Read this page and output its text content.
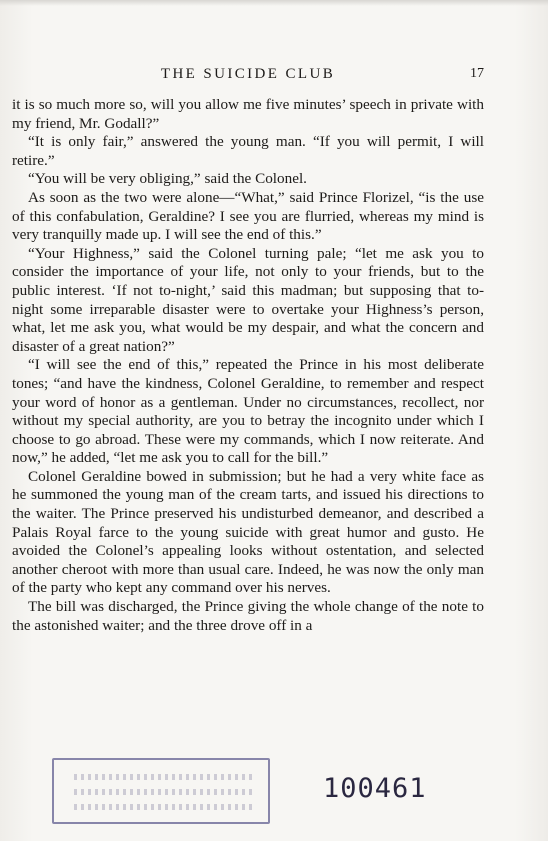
THE SUICIDE CLUB	17

it is so much more so, will you allow me five minutes’ speech in private with my friend, Mr. Godall?”

“It is only fair,” answered the young man. “If you will permit, I will retire.”

“You will be very obliging,” said the Colonel.

As soon as the two were alone—“What,” said Prince Florizel, “is the use of this confabulation, Geraldine? I see you are flurried, whereas my mind is very tranquilly made up. I will see the end of this.”

“Your Highness,” said the Colonel turning pale; “let me ask you to consider the importance of your life, not only to your friends, but to the public interest. ‘If not to-night,’ said this madman; but supposing that to-night some irreparable disaster were to overtake your Highness’s person, what, let me ask you, what would be my despair, and what the concern and disaster of a great nation?”

“I will see the end of this,” repeated the Prince in his most deliberate tones; “and have the kindness, Colonel Geraldine, to remember and respect your word of honor as a gentleman. Under no circumstances, recollect, nor without my special authority, are you to betray the incognito under which I choose to go abroad. These were my commands, which I now reiterate. And now,” he added, “let me ask you to call for the bill.”

Colonel Geraldine bowed in submission; but he had a very white face as he summoned the young man of the cream tarts, and issued his directions to the waiter. The Prince preserved his undisturbed demeanor, and described a Palais Royal farce to the young suicide with great humor and gusto. He avoided the Colonel’s appealing looks without ostentation, and selected another cheroot with more than usual care. Indeed, he was now the only man of the party who kept any command over his nerves.

The bill was discharged, the Prince giving the whole change of the note to the astonished waiter; and the three drove off in a

100461
